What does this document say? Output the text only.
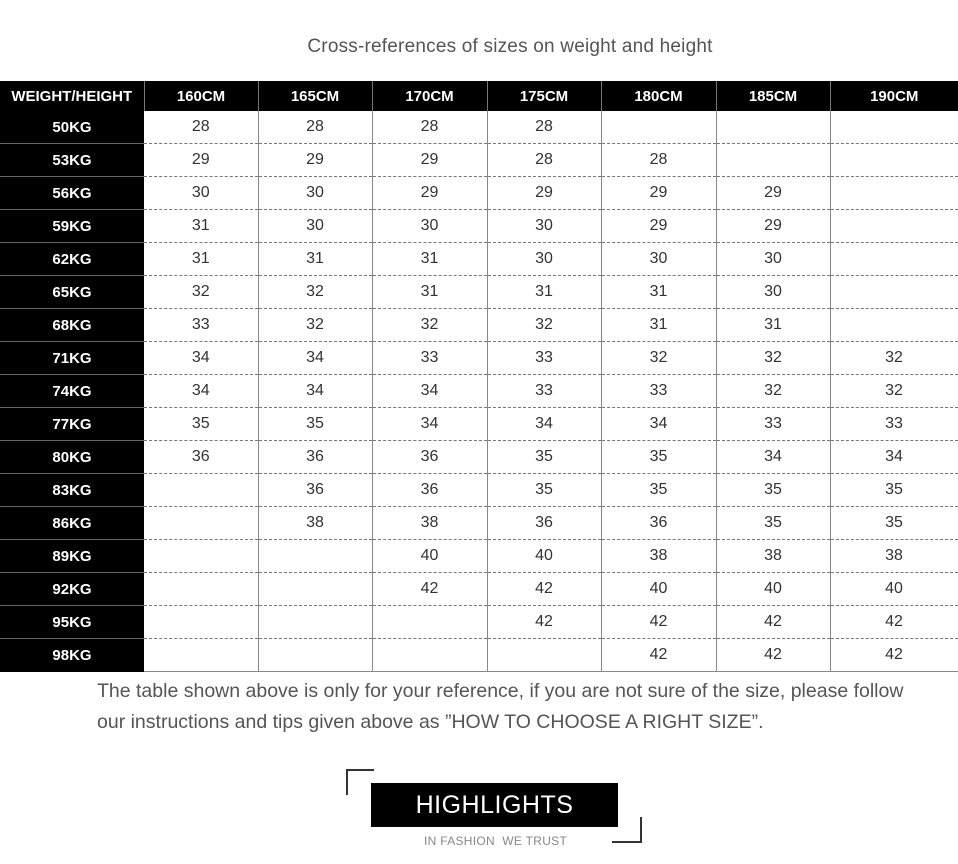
Cross-references of sizes on weight and height
WEIGHT/HEIGHT	160CM	165CM	170CM	175CM	180CM	185CM	190CM
50KG	28	28	28	28			
53KG	29	29	29	28	28		
56KG	30	30	29	29	29	29	
59KG	31	30	30	30	29	29	
62KG	31	31	31	30	30	30	
65KG	32	32	31	31	31	30	
68KG	33	32	32	32	31	31	
71KG	34	34	33	33	32	32	32
74KG	34	34	34	33	33	32	32
77KG	35	35	34	34	34	33	33
80KG	36	36	36	35	35	34	34
83KG		36	36	35	35	35	35
86KG		38	38	36	36	35	35
89KG			40	40	38	38	38
92KG			42	42	40	40	40
95KG				42	42	42	42
98KG					42	42	42
The table shown above is only for your reference, if you are not sure of the size, please follow our instructions and tips given above as ”HOW TO CHOOSE A RIGHT SIZE”.
HIGHLIGHTS
IN FASHION  WE TRUST
